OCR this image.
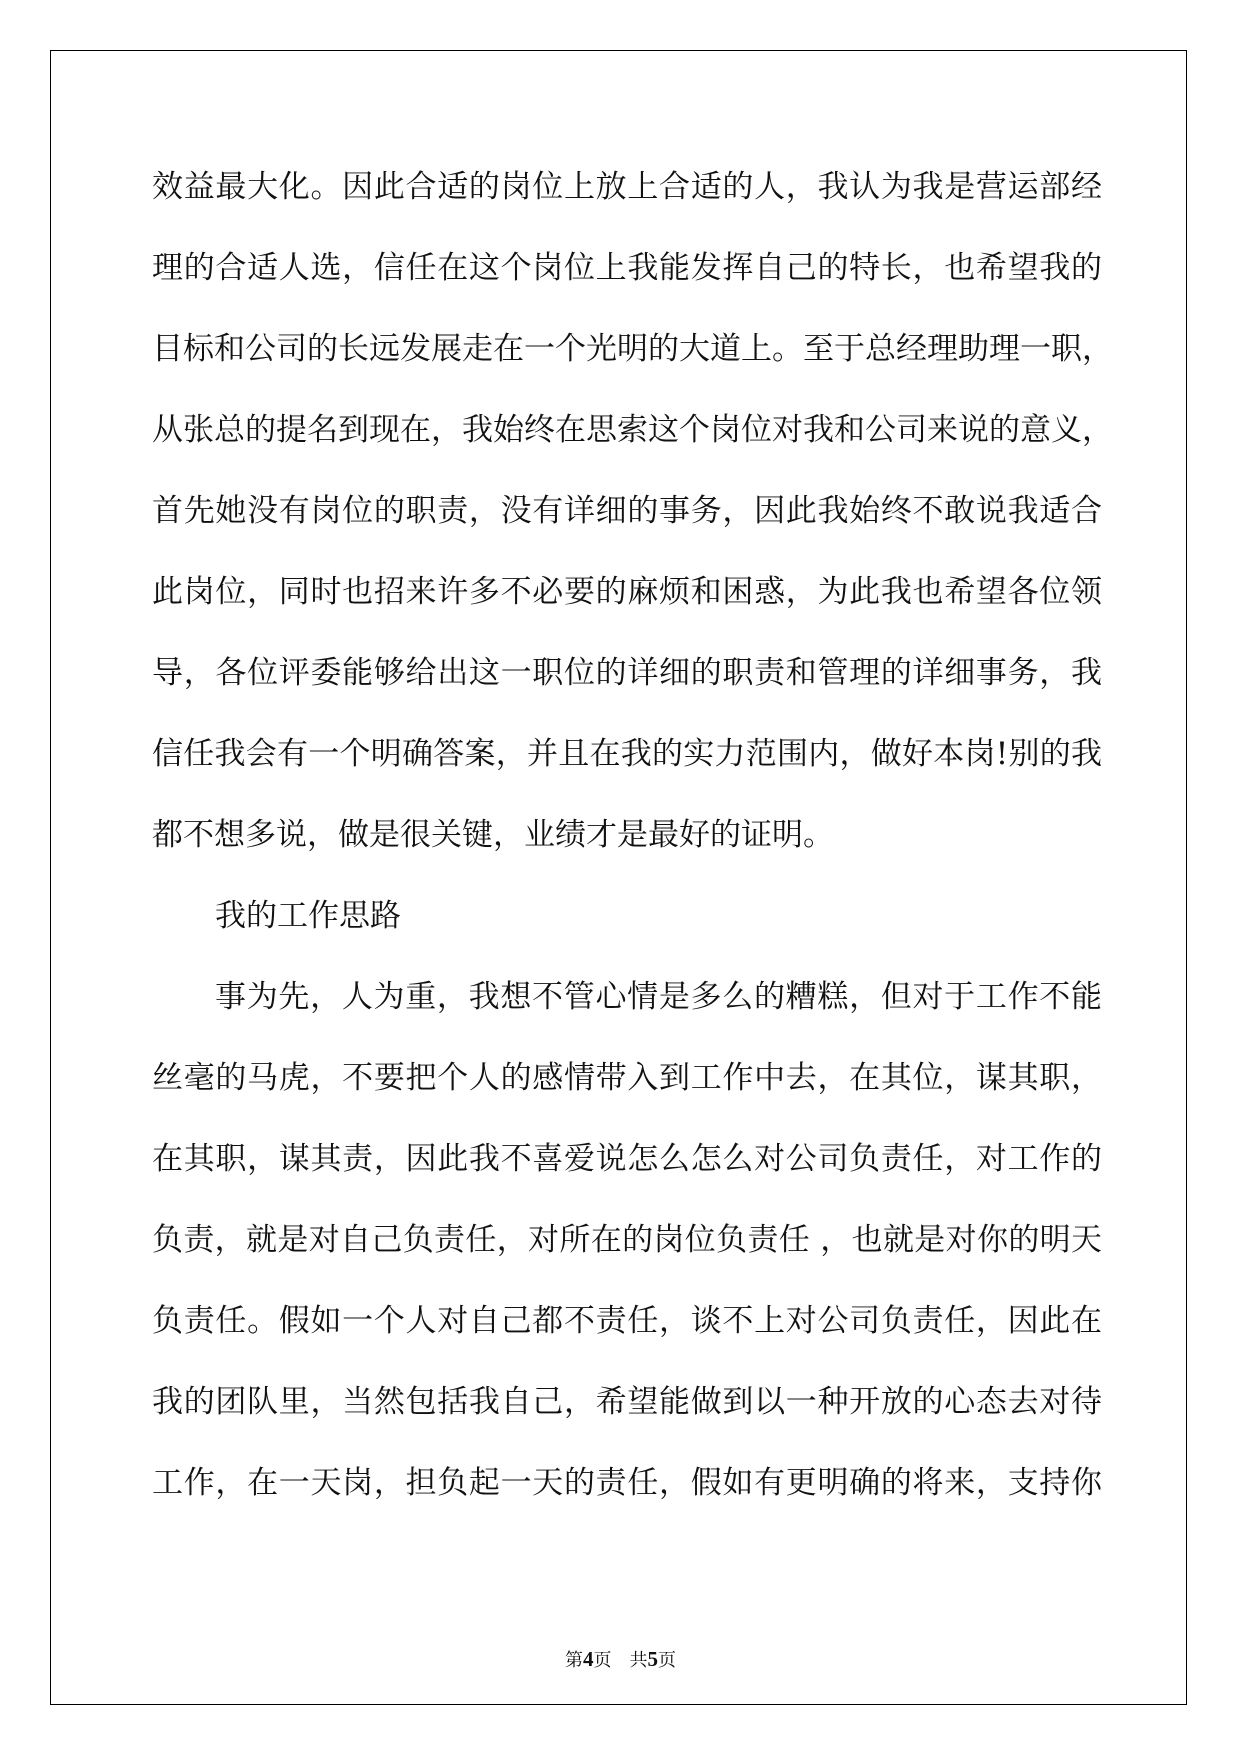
效益最大化。因此合适的岗位上放上合适的人，我认为我是营运部经
理的合适人选，信任在这个岗位上我能发挥自己的特长，也希望我的
目标和公司的长远发展走在一个光明的大道上。至于总经理助理一职，
从张总的提名到现在，我始终在思索这个岗位对我和公司来说的意义，
首先她没有岗位的职责，没有详细的事务，因此我始终不敢说我适合
此岗位，同时也招来许多不必要的麻烦和困惑，为此我也希望各位领
导，各位评委能够给出这一职位的详细的职责和管理的详细事务，我
信任我会有一个明确答案，并且在我的实力范围内，做好本岗!别的我
都不想多说，做是很关键，业绩才是最好的证明。
我的工作思路
事为先，人为重，我想不管心情是多么的糟糕，但对于工作不能
丝毫的马虎，不要把个人的感情带入到工作中去，在其位，谋其职，
在其职，谋其责，因此我不喜爱说怎么怎么对公司负责任，对工作的
负责，就是对自己负责任，对所在的岗位负责任 ，也就是对你的明天
负责任。假如一个人对自己都不责任，谈不上对公司负责任，因此在
我的团队里，当然包括我自己，希望能做到以一种开放的心态去对待
工作，在一天岗，担负起一天的责任，假如有更明确的将来，支持你
第4页 共5页
